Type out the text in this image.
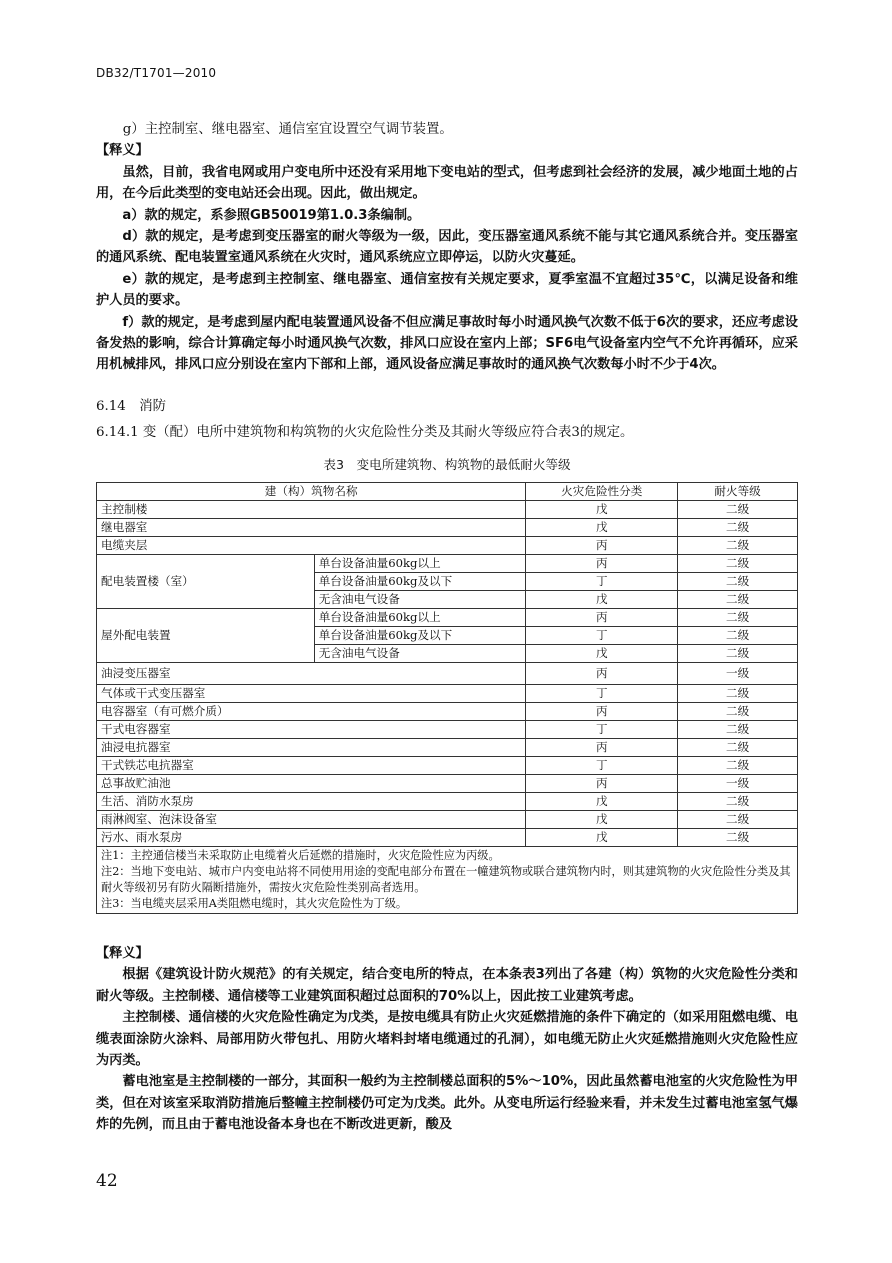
DB32/T1701—2010

g）主控制室、继电器室、通信室宜设置空气调节装置。

【释义】

虽然，目前，我省电网或用户变电所中还没有采用地下变电站的型式，但考虑到社会经济的发展，减少地面土地的占用，在今后此类型的变电站还会出现。因此，做出规定。

a）款的规定，系参照GB50019第1.0.3条编制。

d）款的规定，是考虑到变压器室的耐火等级为一级，因此，变压器室通风系统不能与其它通风系统合并。变压器室的通风系统、配电装置室通风系统在火灾时，通风系统应立即停运，以防火灾蔓延。

e）款的规定，是考虑到主控制室、继电器室、通信室按有关规定要求，夏季室温不宜超过35℃，以满足设备和维护人员的要求。

f）款的规定，是考虑到屋内配电装置通风设备不但应满足事故时每小时通风换气次数不低于6次的要求，还应考虑设备发热的影响，综合计算确定每小时通风换气次数，排风口应设在室内上部；SF6电气设备室内空气不允许再循环，应采用机械排风，排风口应分别设在室内下部和上部，通风设备应满足事故时的通风换气次数每小时不少于4次。

6.14　消防

6.14.1 变（配）电所中建筑物和构筑物的火灾危险性分类及其耐火等级应符合表3的规定。

表3　变电所建筑物、构筑物的最低耐火等级
建（构）筑物名称		火灾危险性分类	耐火等级
主控制楼		戊	二级
继电器室		戊	二级
电缆夹层		丙	二级
配电装置楼（室）	单台设备油量60kg以上	丙	二级
	单台设备油量60kg及以下	丁	二级
	无含油电气设备	戊	二级
屋外配电装置	单台设备油量60kg以上	丙	二级
	单台设备油量60kg及以下	丁	二级
	无含油电气设备	戊	二级
油浸变压器室		丙	一级
气体或干式变压器室		丁	二级
电容器室（有可燃介质）		丙	二级
干式电容器室		丁	二级
油浸电抗器室		丙	二级
干式铁芯电抗器室		丁	二级
总事故贮油池		丙	一级
生活、消防水泵房		戊	二级
雨淋阀室、泡沫设备室		戊	二级
污水、雨水泵房		戊	二级

注1：主控通信楼当未采取防止电缆着火后延燃的措施时，火灾危险性应为丙级。
注2：当地下变电站、城市户内变电站将不同使用用途的变配电部分布置在一幢建筑物或联合建筑物内时，则其建筑物的火灾危险性分类及其耐火等级初另有防火隔断措施外，需按火灾危险性类别高者选用。
注3：当电缆夹层采用A类阻燃电缆时，其火灾危险性为丁级。			

【释义】

根据《建筑设计防火规范》的有关规定，结合变电所的特点，在本条表3列出了各建（构）筑物的火灾危险性分类和耐火等级。主控制楼、通信楼等工业建筑面积超过总面积的70%以上，因此按工业建筑考虑。

主控制楼、通信楼的火灾危险性确定为戊类，是按电缆具有防止火灾延燃措施的条件下确定的（如采用阻燃电缆、电缆表面涂防火涂料、局部用防火带包扎、用防火堵料封堵电缆通过的孔洞），如电缆无防止火灾延燃措施则火灾危险性应为丙类。

蓄电池室是主控制楼的一部分，其面积一般约为主控制楼总面积的5%～10%，因此虽然蓄电池室的火灾危险性为甲类，但在对该室采取消防措施后整幢主控制楼仍可定为戊类。此外。从变电所运行经验来看，并未发生过蓄电池室氢气爆炸的先例，而且由于蓄电池设备本身也在不断改进更新，酸及

42
